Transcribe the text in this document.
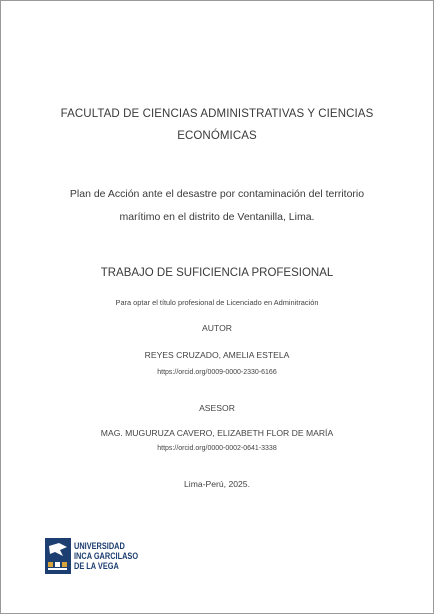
FACULTAD DE CIENCIAS ADMINISTRATIVAS Y CIENCIAS
ECONÓMICAS
Plan de Acción ante el desastre por contaminación del territorio
marítimo en el distrito de Ventanilla, Lima.
TRABAJO DE SUFICIENCIA PROFESIONAL
Para optar el título profesional de Licenciado en Adminitración
AUTOR
REYES CRUZADO, AMELIA ESTELA
https://orcid.org/0009-0000-2330-6166
ASESOR
MAG. MUGURUZA CAVERO, ELIZABETH FLOR DE MARÍA
https://orcid.org/0000-0002-0641-3338
Lima-Perú, 2025.
UNIVERSIDAD
INCA GARCILASO
DE LA VEGA
